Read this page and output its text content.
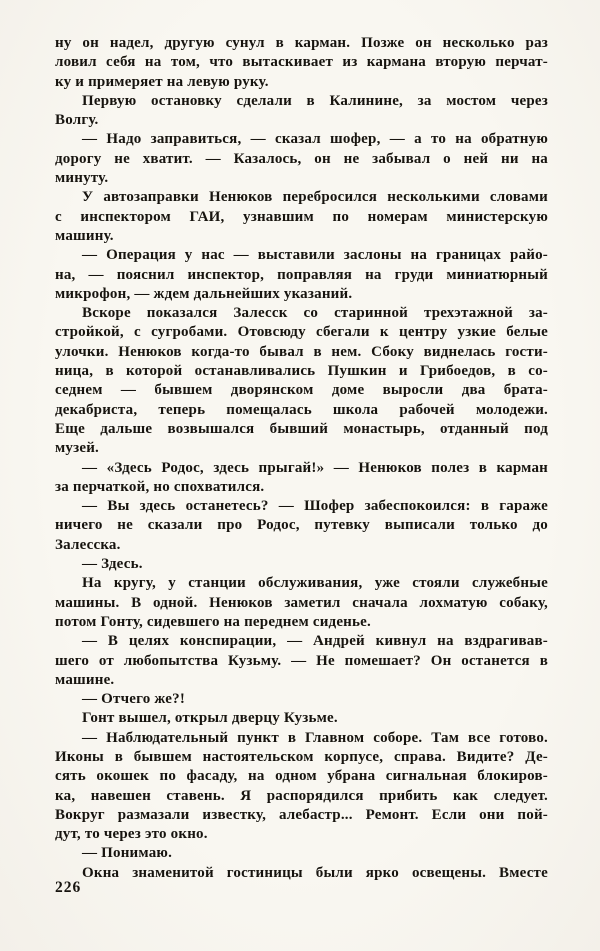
ну он надел, другую сунул в карман. Позже он несколько раз
ловил себя на том, что вытаскивает из кармана вторую перчат-
ку и примеряет на левую руку.
Первую остановку сделали в Калинине, за мостом через
Волгу.
— Надо заправиться, — сказал шофер, — а то на обратную
дорогу не хватит. — Казалось, он не забывал о ней ни на
минуту.
У автозаправки Ненюков перебросился несколькими словами
с инспектором ГАИ, узнавшим по номерам министерскую
машину.
— Операция у нас — выставили заслоны на границах райо-
на, — пояснил инспектор, поправляя на груди миниатюрный
микрофон, — ждем дальнейших указаний.
Вскоре показался Залесск со старинной трехэтажной за-
стройкой, с сугробами. Отовсюду сбегали к центру узкие белые
улочки. Ненюков когда-то бывал в нем. Сбоку виднелась гости-
ница, в которой останавливались Пушкин и Грибоедов, в со-
седнем — бывшем дворянском доме выросли два брата-
декабриста, теперь помещалась школа рабочей молодежи.
Еще дальше возвышался бывший монастырь, отданный под
музей.
— «Здесь Родос, здесь прыгай!» — Ненюков полез в карман
за перчаткой, но спохватился.
— Вы здесь останетесь? — Шофер забеспокоился: в гараже
ничего не сказали про Родос, путевку выписали только до
Залесска.
— Здесь.
На кругу, у станции обслуживания, уже стояли служебные
машины. В одной. Ненюков заметил сначала лохматую собаку,
потом Гонту, сидевшего на переднем сиденье.
— В целях конспирации, — Андрей кивнул на вздрагивав-
шего от любопытства Кузьму. — Не помешает? Он останется в
машине.
— Отчего же?!
Гонт вышел, открыл дверцу Кузьме.
— Наблюдательный пункт в Главном соборе. Там все готово.
Иконы в бывшем настоятельском корпусе, справа. Видите? Де-
сять окошек по фасаду, на одном убрана сигнальная блокиров-
ка, навешен ставень. Я распорядился прибить как следует.
Вокруг размазали известку, алебастр... Ремонт. Если они пой-
дут, то через это окно.
— Понимаю.
Окна знаменитой гостиницы были ярко освещены. Вместе
226
